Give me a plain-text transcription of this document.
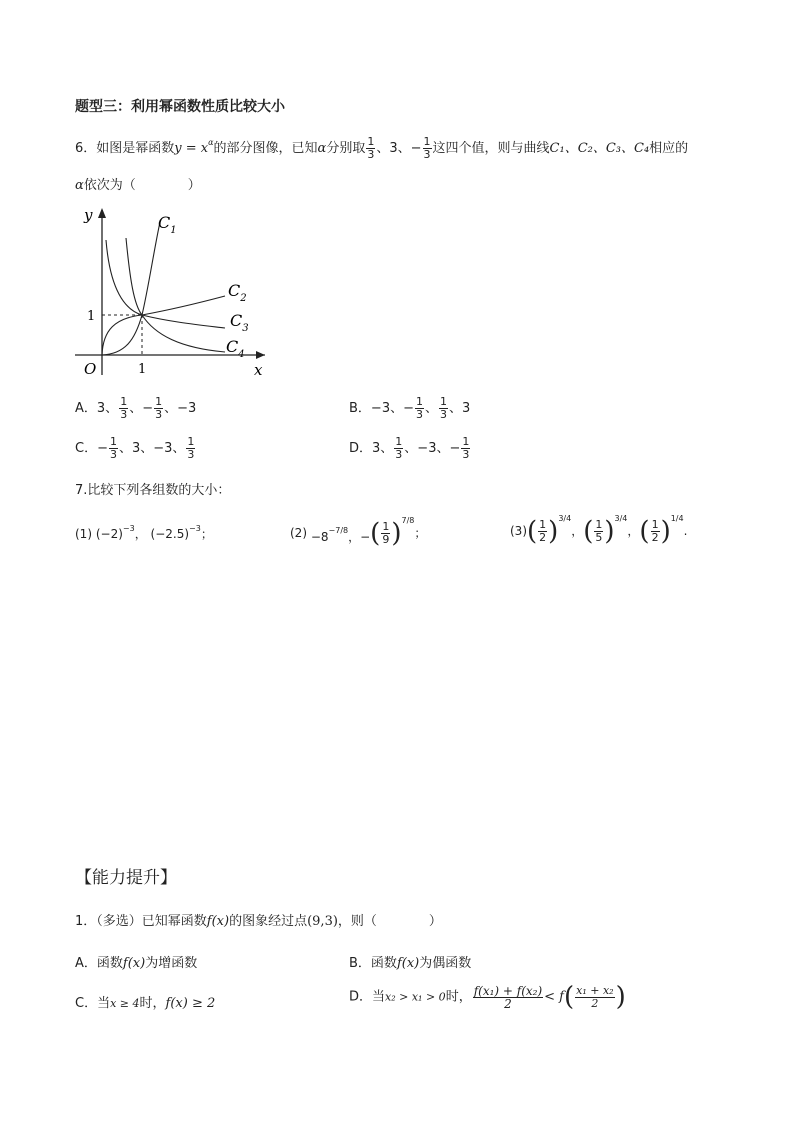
题型三：利用幂函数性质比较大小
6．如图是幂函数$y = x^\alpha$的部分图像，已知α分别取 $\frac{1}{3}$ 、3、− $\frac{1}{3}$ 这四个值，则与曲线C₁、C₂、C₃、C₄相应的
α依次为（　　　　）
y
x
O	1
1
$C_1$
$C_2$
$C_3$
$C_4$
A．3、 $\frac{1}{3}$ 、− $\frac{1}{3}$ 、−3	B．−3、− $\frac{1}{3}$ 、 $\frac{1}{3}$ 、3
C．− $\frac{1}{3}$ 、3、−3、 $\frac{1}{3}$	D．3、 $\frac{1}{3}$ 、−3、− $\frac{1}{3}$
7.比较下列各组数的大小：
(1) $(-2)^{-3}$， $(-2.5)^{-3}$；	$(2) -8^{-7/8}$，−( $\frac{1}{9} )^{7/8}$；	$(3)( \frac{1}{2} )^{3/4}$，( $\frac{1}{5} )^{3/4}$，( $\frac{1}{2} )^{1/4}$.
【能力提升】
1．（多选）已知幂函数f(x)的图象经过点(9,3)，则（　　　　）
A．函数f(x)为增函数	B．函数f(x)为偶函数
C．当x ≥ 4时，f(x) ≥ 2	D．当x₂ > x₁ > 0时， $\frac{\text{f(x₁) + f(x₂)}}{2} < f( \frac{\text{x₁ + x₂}}{2}$ )
